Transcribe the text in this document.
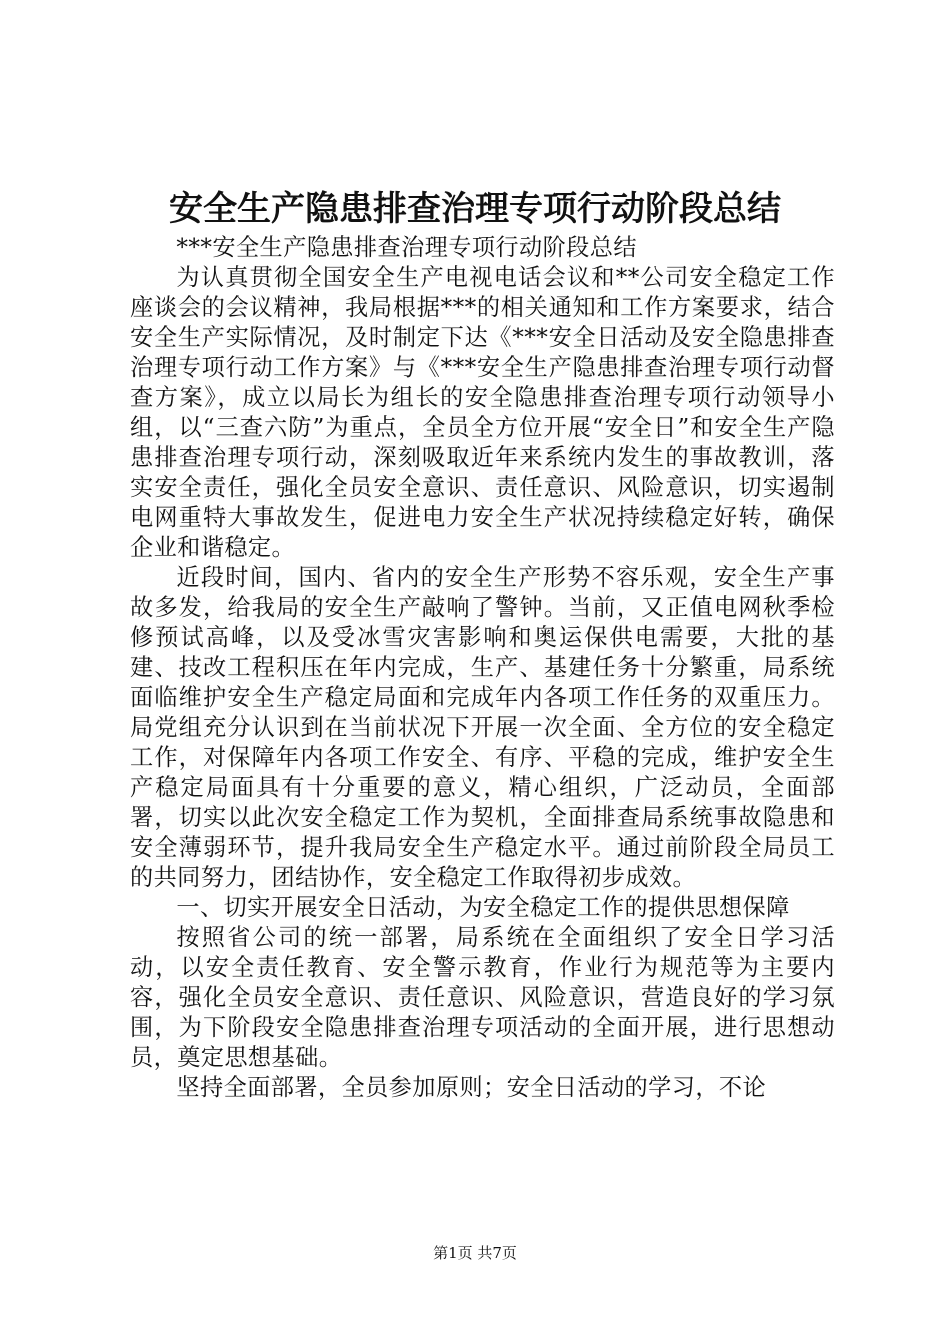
安全生产隐患排查治理专项行动阶段总结

***安全生产隐患排查治理专项行动阶段总结

为认真贯彻全国安全生产电视电话会议和**公司安全稳定工作座谈会的会议精神，我局根据***的相关通知和工作方案要求，结合安全生产实际情况，及时制定下达《***安全日活动及安全隐患排查治理专项行动工作方案》与《***安全生产隐患排查治理专项行动督查方案》，成立以局长为组长的安全隐患排查治理专项行动领导小组，以“三查六防”为重点，全员全方位开展“安全日”和安全生产隐患排查治理专项行动，深刻吸取近年来系统内发生的事故教训，落实安全责任，强化全员安全意识、责任意识、风险意识，切实遏制电网重特大事故发生，促进电力安全生产状况持续稳定好转，确保企业和谐稳定。

近段时间，国内、省内的安全生产形势不容乐观，安全生产事故多发，给我局的安全生产敲响了警钟。当前，又正值电网秋季检修预试高峰，以及受冰雪灾害影响和奥运保供电需要，大批的基建、技改工程积压在年内完成，生产、基建任务十分繁重，局系统面临维护安全生产稳定局面和完成年内各项工作任务的双重压力。局党组充分认识到在当前状况下开展一次全面、全方位的安全稳定工作，对保障年内各项工作安全、有序、平稳的完成，维护安全生产稳定局面具有十分重要的意义，精心组织，广泛动员，全面部署，切实以此次安全稳定工作为契机，全面排查局系统事故隐患和安全薄弱环节，提升我局安全生产稳定水平。通过前阶段全局员工的共同努力，团结协作，安全稳定工作取得初步成效。

一、切实开展安全日活动，为安全稳定工作的提供思想保障

按照省公司的统一部署，局系统在全面组织了安全日学习活动，以安全责任教育、安全警示教育，作业行为规范等为主要内容，强化全员安全意识、责任意识、风险意识，营造良好的学习氛围，为下阶段安全隐患排查治理专项活动的全面开展，进行思想动员，奠定思想基础。

坚持全面部署，全员参加原则；安全日活动的学习，不论

第1页 共7页
